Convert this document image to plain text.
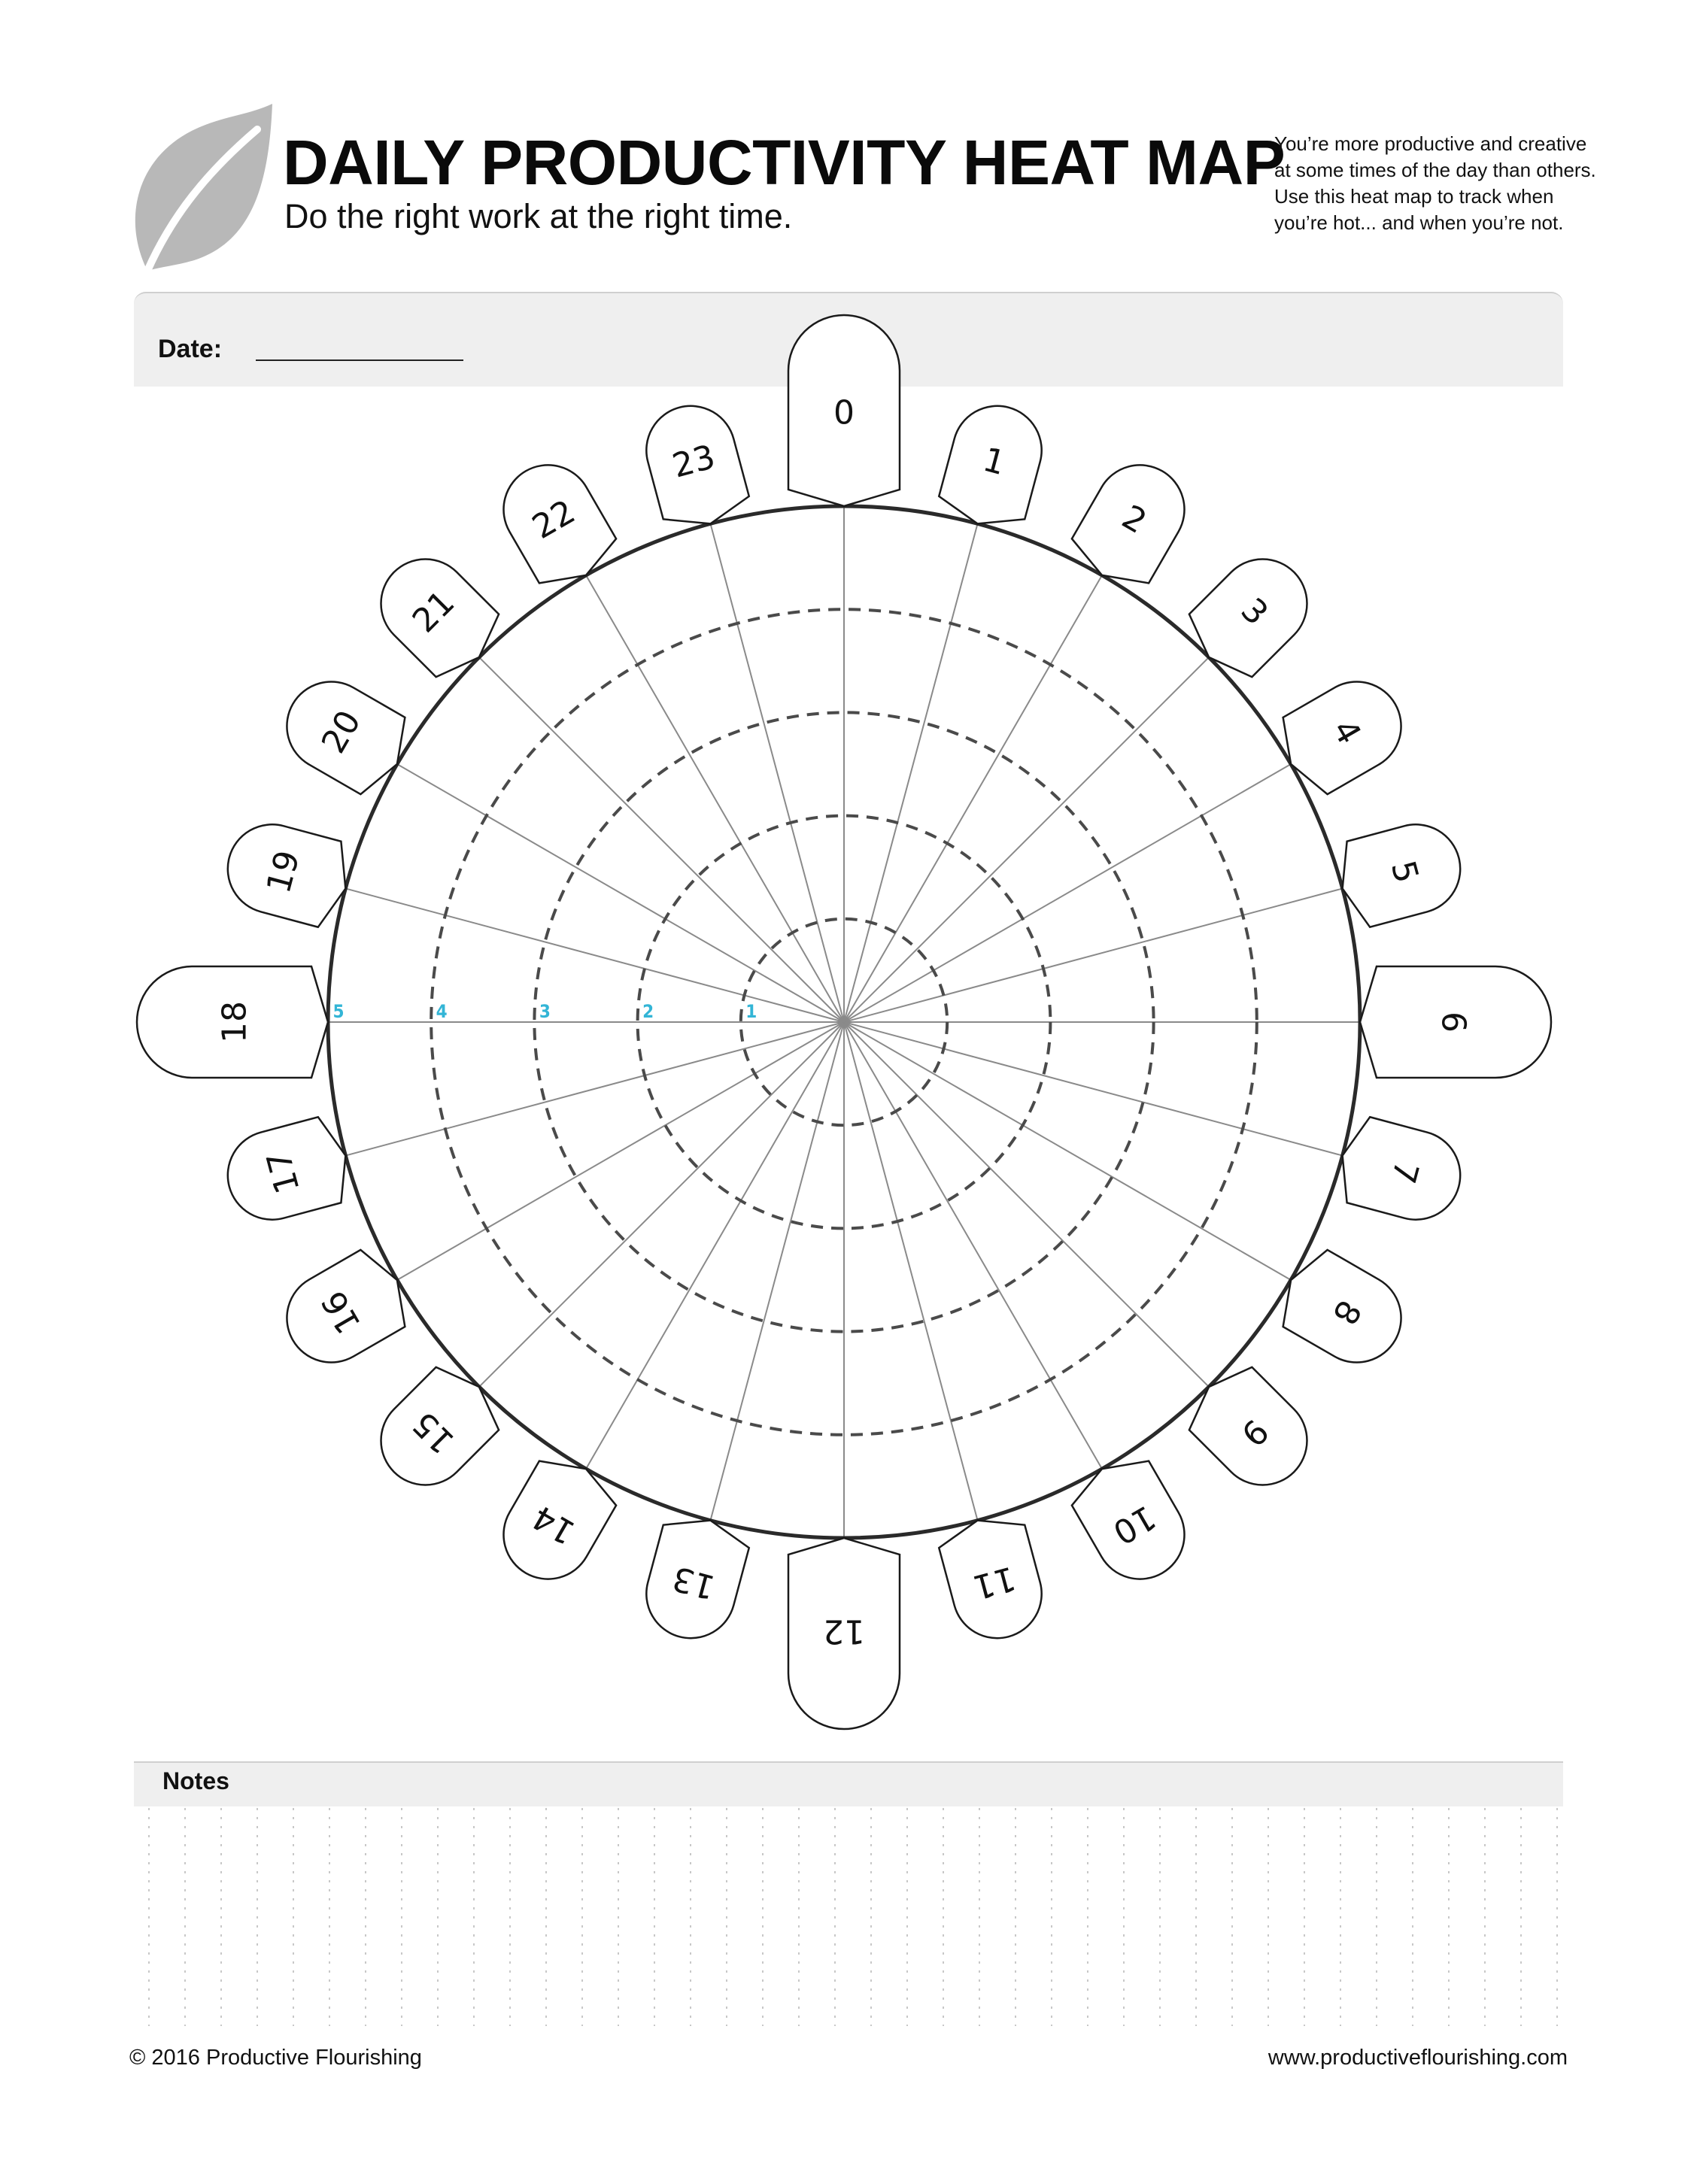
DAILY PRODUCTIVITY HEAT MAP
Do the right work at the right time.
You’re more productive and creative at some times of the day than others. Use this heat map to track when you’re hot... and when you’re not.
Date:
1
2
3
4
5
0
1
2
3
4
5
6
7
8
9
10
11
12
13
14
15
16
17
18
19
20
21
22
23
Notes
© 2016 Productive Flourishing	www.productiveflourishing.com
